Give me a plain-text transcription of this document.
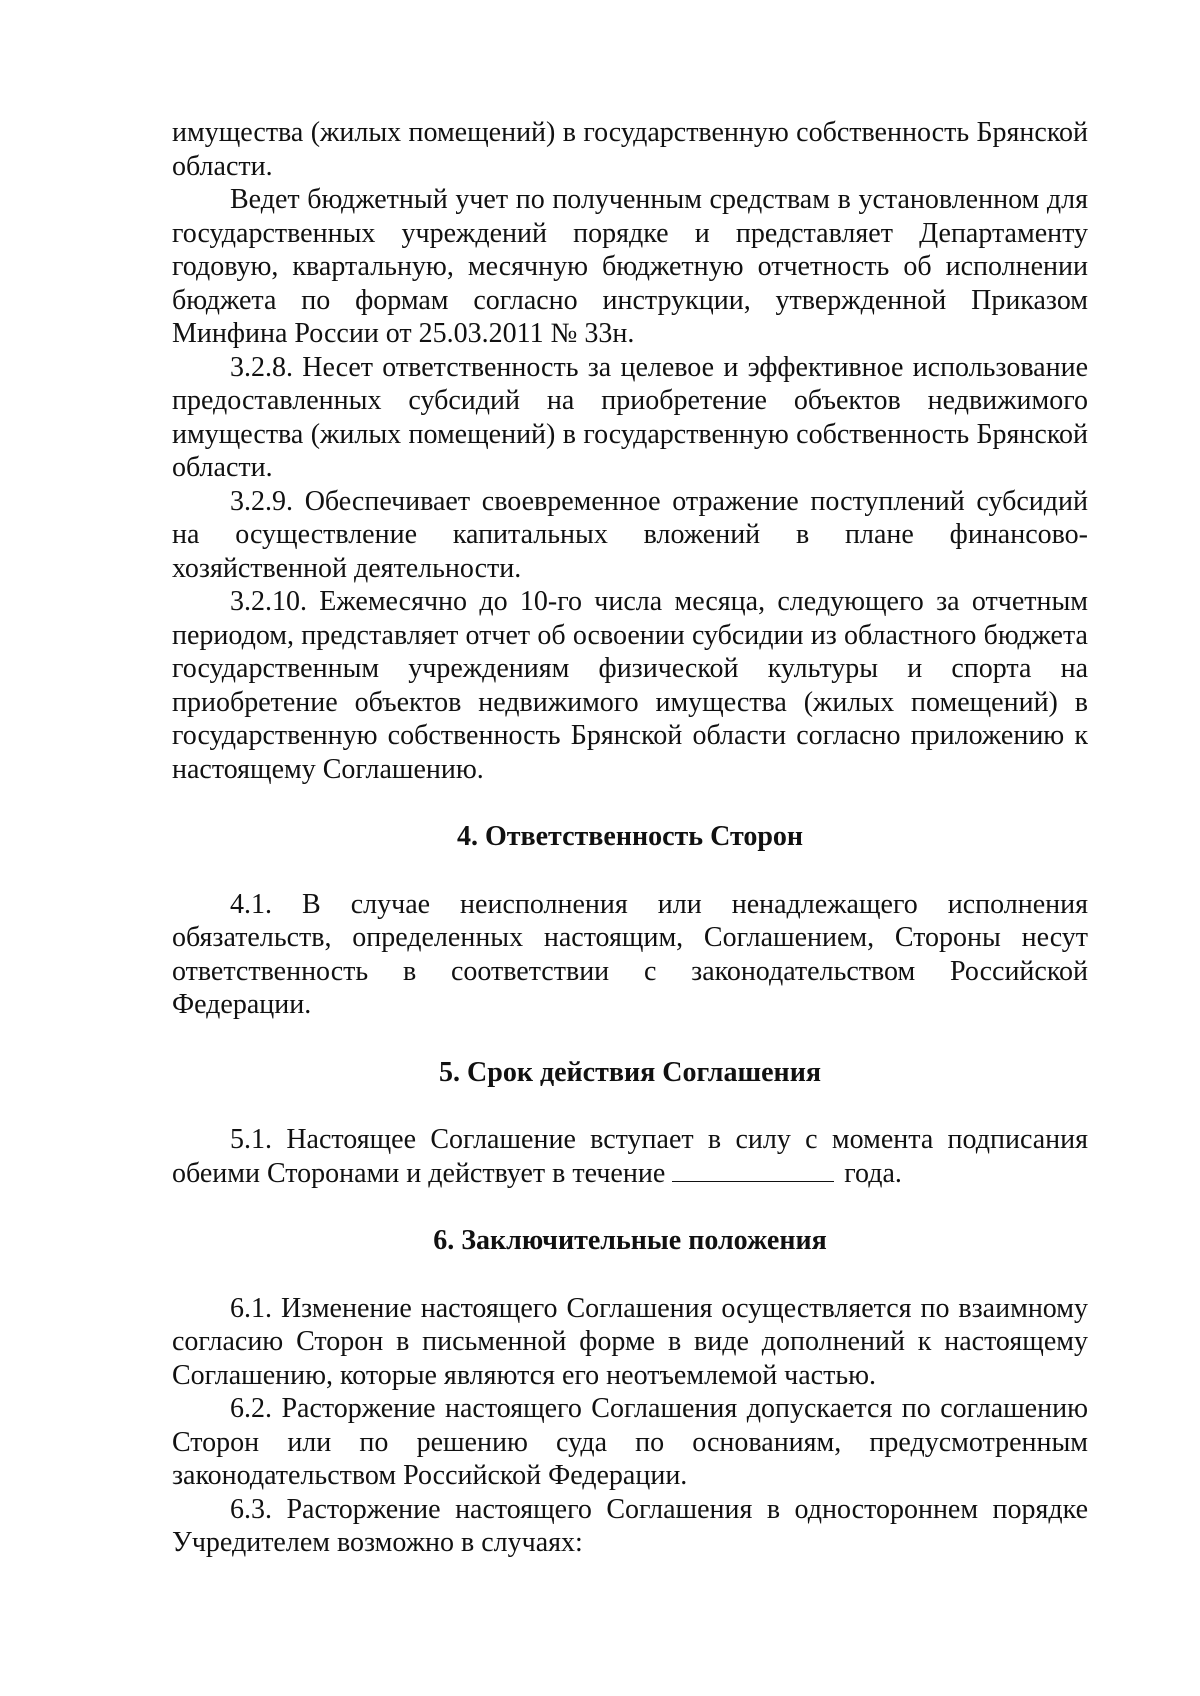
имущества (жилых помещений) в государственную собственность Брянской области.

Ведет бюджетный учет по полученным средствам в установленном для государственных учреждений порядке и представляет Департаменту годовую, квартальную, месячную бюджетную отчетность об исполнении бюджета по формам согласно инструкции, утвержденной Приказом Минфина России от 25.03.2011 № 33н.

3.2.8. Несет ответственность за целевое и эффективное использование предоставленных субсидий на приобретение объектов недвижимого имущества (жилых помещений) в государственную собственность Брянской области.

3.2.9. Обеспечивает своевременное отражение поступлений субсидий на осуществление капитальных вложений в плане финансово-хозяйственной деятельности.

3.2.10. Ежемесячно до 10-го числа месяца, следующего за отчетным периодом, представляет отчет об освоении субсидии из областного бюджета государственным учреждениям физической культуры и спорта на приобретение объектов недвижимого имущества (жилых помещений) в государственную собственность Брянской области согласно приложению к настоящему Соглашению.

4. Ответственность Сторон

4.1. В случае неисполнения или ненадлежащего исполнения обязательств, определенных настоящим, Соглашением, Стороны несут ответственность в соответствии с законодательством Российской Федерации.

5. Срок действия Соглашения

5.1. Настоящее Соглашение вступает в силу с момента подписания обеими Сторонами и действует в течение	года.

6. Заключительные положения

6.1. Изменение настоящего Соглашения осуществляется по взаимному согласию Сторон в письменной форме в виде дополнений к настоящему Соглашению, которые являются его неотъемлемой частью.

6.2. Расторжение настоящего Соглашения допускается по соглашению Сторон или по решению суда по основаниям, предусмотренным законодательством Российской Федерации.

6.3. Расторжение настоящего Соглашения в одностороннем порядке Учредителем возможно в случаях:
